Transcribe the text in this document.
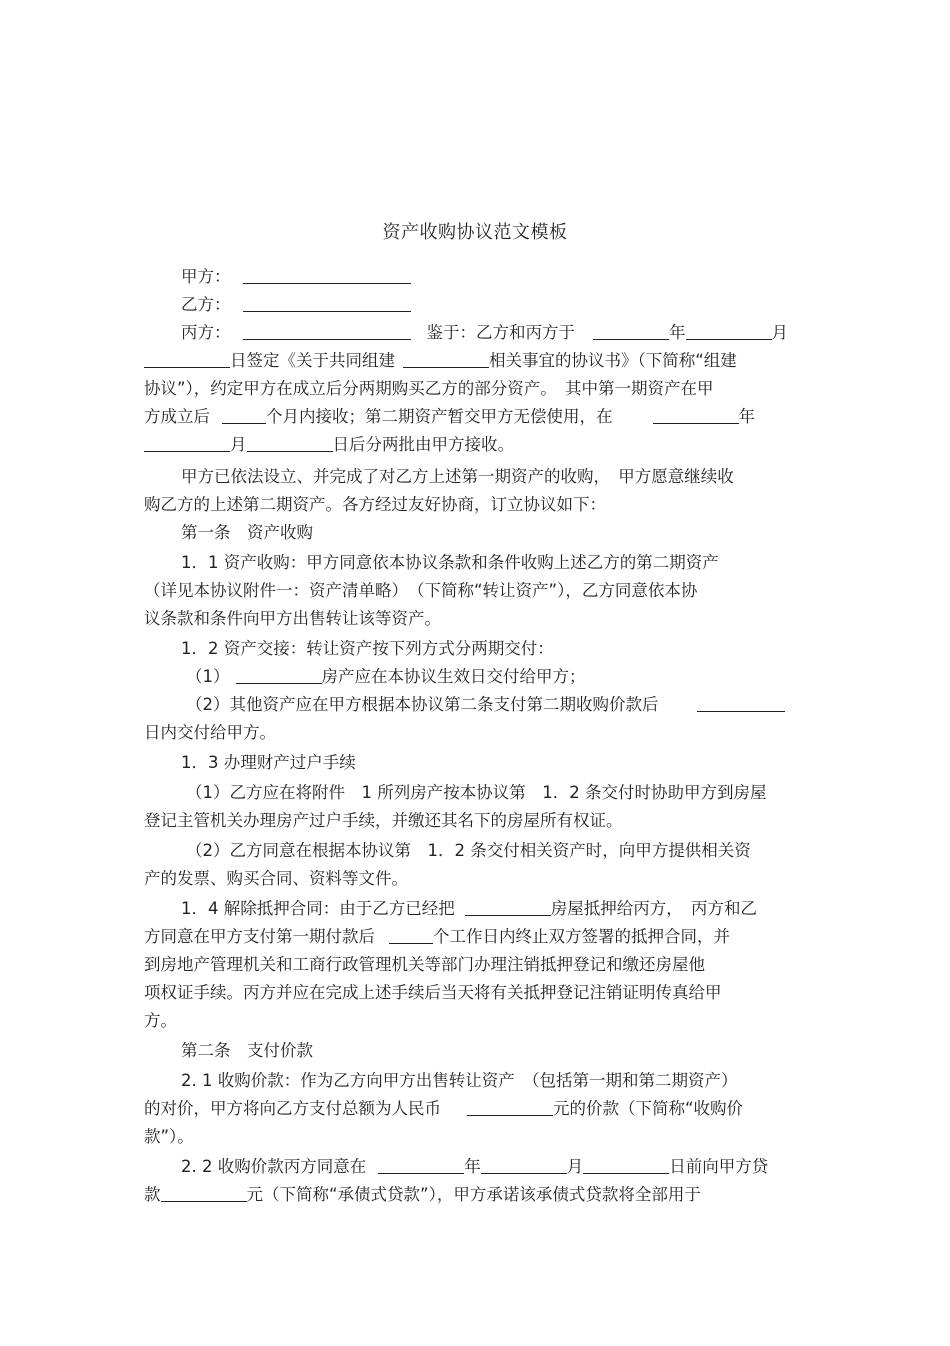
资产收购协议范文模板
甲方：
乙方：
丙方：	鉴于：乙方和丙方于	年	月
日签定《关于共同组建	相关事宜的协议书》（下简称“组建
协议”），约定甲方在成立后分两期购买乙方的部分资产。　其中第一期资产在甲
方成立后	个月内接收；第二期资产暂交甲方无偿使用，在	年
月	日后分两批由甲方接收。
甲方已依法设立、并完成了对乙方上述第一期资产的收购，　甲方愿意继续收
购乙方的上述第二期资产。各方经过友好协商，订立协议如下：
第一条　资产收购
1．1 资产收购：甲方同意依本协议条款和条件收购上述乙方的第二期资产
（详见本协议附件一：资产清单略）　（下简称“转让资产”），乙方同意依本协
议条款和条件向甲方出售转让该等资产。
1．2 资产交接：转让资产按下列方式分两期交付：
（1）	房产应在本协议生效日交付给甲方；
（2）其他资产应在甲方根据本协议第二条支付第二期收购价款后
日内交付给甲方。
1．3 办理财产过户手续
（1）乙方应在将附件　1 所列房产按本协议第　1．2 条交付时协助甲方到房屋
登记主管机关办理房产过户手续，并缴还其名下的房屋所有权证。
（2）乙方同意在根据本协议第　1．2 条交付相关资产时，向甲方提供相关资
产的发票、购买合同、资料等文件。
1．4 解除抵押合同：由于乙方已经把	房屋抵押给丙方，　丙方和乙
方同意在甲方支付第一期付款后	个工作日内终止双方签署的抵押合同，并
到房地产管理机关和工商行政管理机关等部门办理注销抵押登记和缴还房屋他
项权证手续。丙方并应在完成上述手续后当天将有关抵押登记注销证明传真给甲
方。
第二条　支付价款
2. 1 收购价款：作为乙方向甲方出售转让资产　（包括第一期和第二期资产）
的对价，甲方将向乙方支付总额为人民币	元的价款（下简称“收购价
款”）。
2. 2 收购价款丙方同意在	年	月	日前向甲方贷
款	元（下简称“承债式贷款”），甲方承诺该承债式贷款将全部用于
